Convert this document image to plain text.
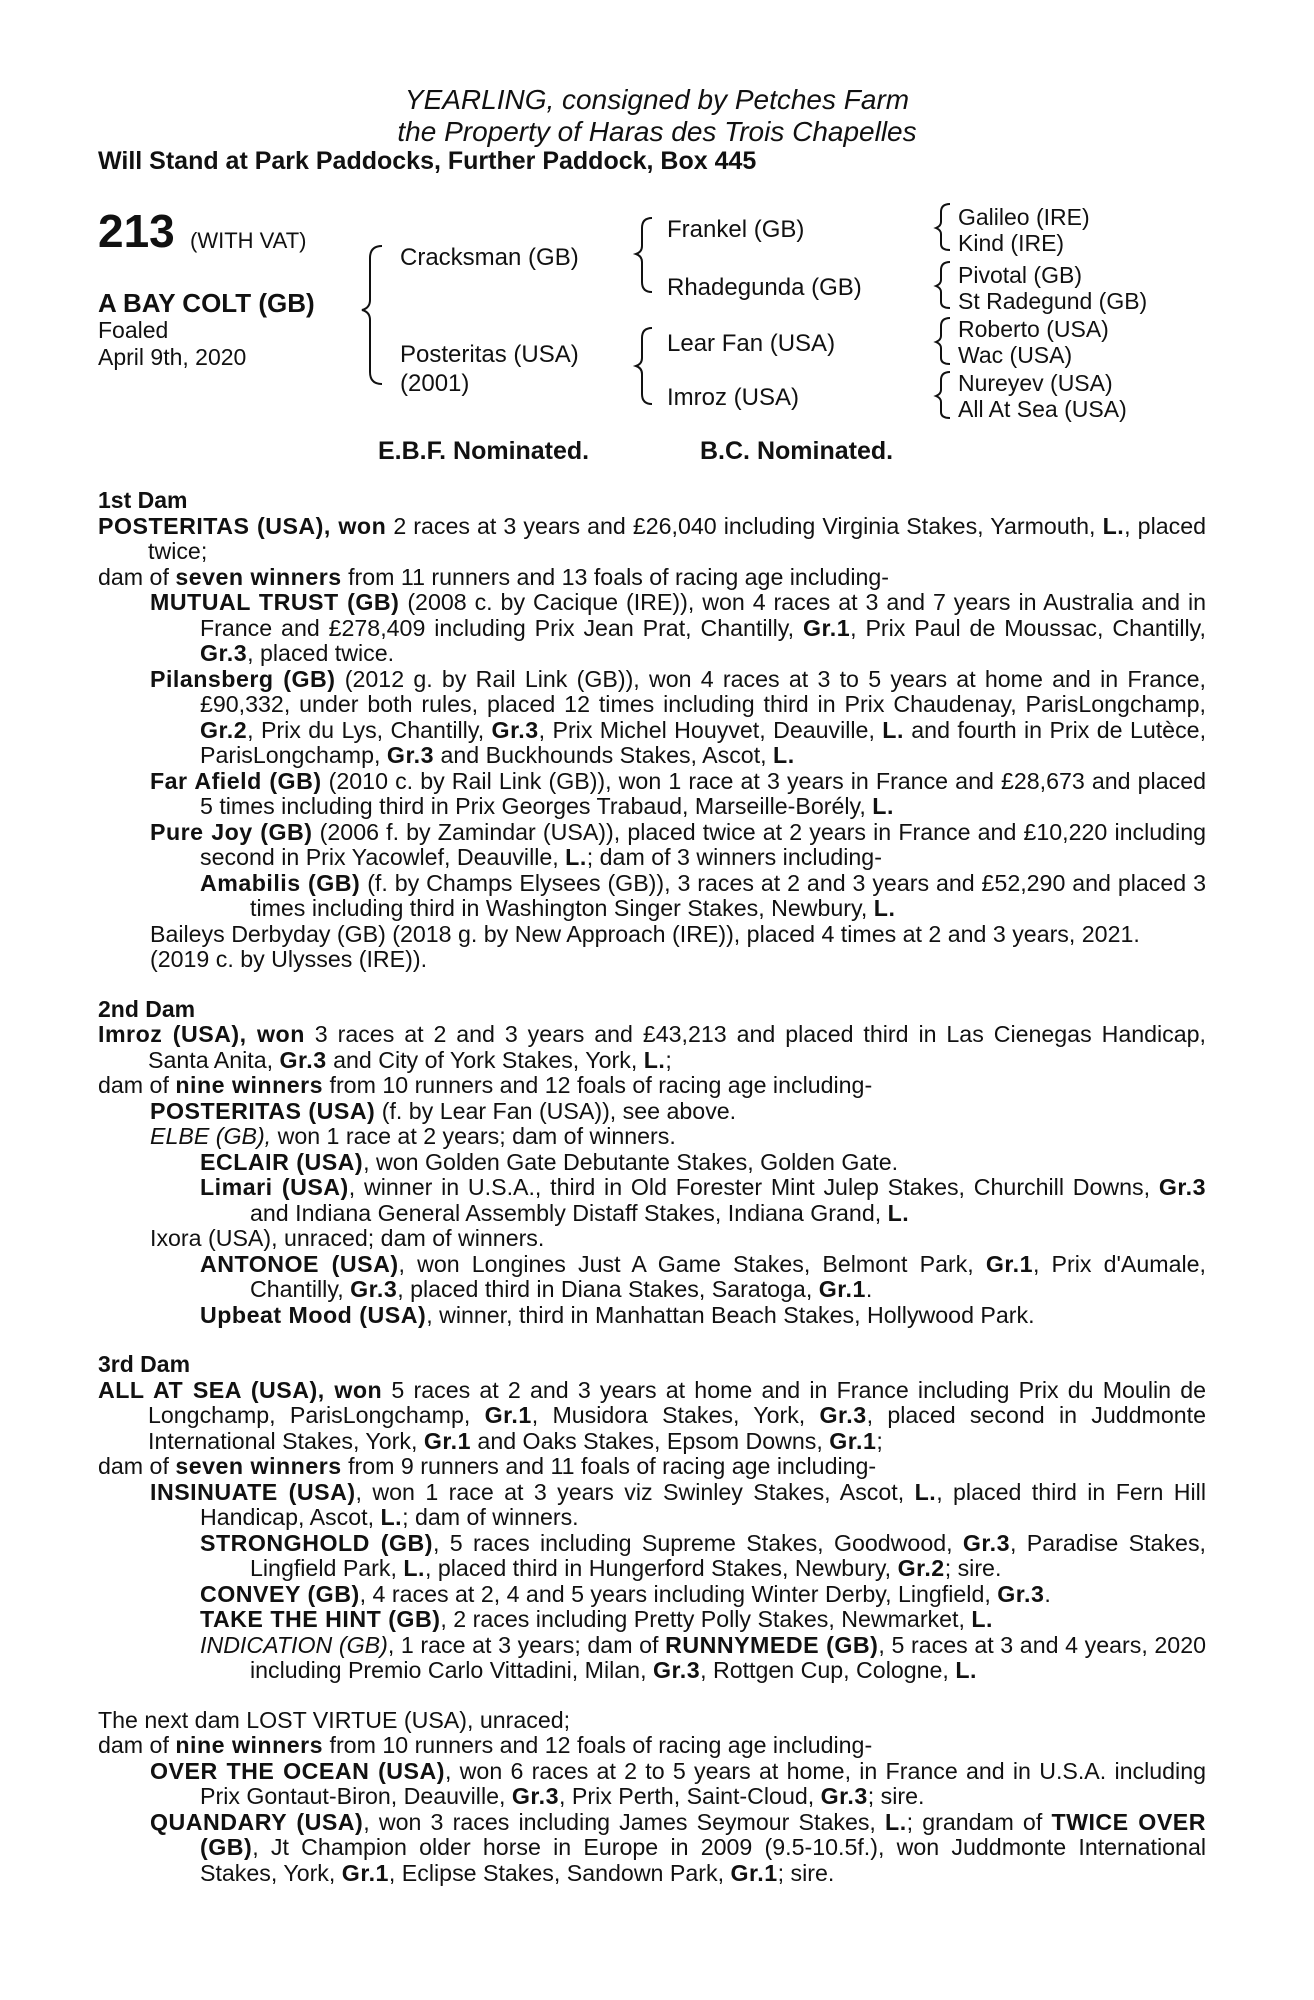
YEARLING, consigned by Petches Farm
the Property of Haras des Trois Chapelles
Will Stand at Park Paddocks, Further Paddock, Box 445
213 (WITH VAT)
A BAY COLT (GB)
Foaled
April 9th, 2020
Cracksman (GB)
Posteritas (USA)
(2001)
Frankel (GB)
Rhadegunda (GB)
Lear Fan (USA)
Imroz (USA)
Galileo (IRE)
Kind (IRE)
Pivotal (GB)
St Radegund (GB)
Roberto (USA)
Wac (USA)
Nureyev (USA)
All At Sea (USA)
E.B.F. Nominated.	B.C. Nominated.
1st Dam

POSTERITAS (USA), won 2 races at 3 years and £26,040 including Virginia Stakes, Yarmouth, L., placed twice;

dam of seven winners from 11 runners and 13 foals of racing age including-

MUTUAL TRUST (GB) (2008 c. by Cacique (IRE)), won 4 races at 3 and 7 years in Australia and in France and £278,409 including Prix Jean Prat, Chantilly, Gr.1, Prix Paul de Moussac, Chantilly, Gr.3, placed twice.

Pilansberg (GB) (2012 g. by Rail Link (GB)), won 4 races at 3 to 5 years at home and in France, £90,332, under both rules, placed 12 times including third in Prix Chaudenay, ParisLongchamp, Gr.2, Prix du Lys, Chantilly, Gr.3, Prix Michel Houyvet, Deauville, L. and fourth in Prix de Lutèce, ParisLongchamp, Gr.3 and Buckhounds Stakes, Ascot, L.

Far Afield (GB) (2010 c. by Rail Link (GB)), won 1 race at 3 years in France and £28,673 and placed 5 times including third in Prix Georges Trabaud, Marseille-Borély, L.

Pure Joy (GB) (2006 f. by Zamindar (USA)), placed twice at 2 years in France and £10,220 including second in Prix Yacowlef, Deauville, L.; dam of 3 winners including-

Amabilis (GB) (f. by Champs Elysees (GB)), 3 races at 2 and 3 years and £52,290 and placed 3 times including third in Washington Singer Stakes, Newbury, L.

Baileys Derbyday (GB) (2018 g. by New Approach (IRE)), placed 4 times at 2 and 3 years, 2021.

(2019 c. by Ulysses (IRE)).

2nd Dam

Imroz (USA), won 3 races at 2 and 3 years and £43,213 and placed third in Las Cienegas Handicap, Santa Anita, Gr.3 and City of York Stakes, York, L.;

dam of nine winners from 10 runners and 12 foals of racing age including-

POSTERITAS (USA) (f. by Lear Fan (USA)), see above.

ELBE (GB), won 1 race at 2 years; dam of winners.

ECLAIR (USA), won Golden Gate Debutante Stakes, Golden Gate.

Limari (USA), winner in U.S.A., third in Old Forester Mint Julep Stakes, Churchill Downs, Gr.3 and Indiana General Assembly Distaff Stakes, Indiana Grand, L.

Ixora (USA), unraced; dam of winners.

ANTONOE (USA), won Longines Just A Game Stakes, Belmont Park, Gr.1, Prix d'Aumale, Chantilly, Gr.3, placed third in Diana Stakes, Saratoga, Gr.1.

Upbeat Mood (USA), winner, third in Manhattan Beach Stakes, Hollywood Park.

3rd Dam

ALL AT SEA (USA), won 5 races at 2 and 3 years at home and in France including Prix du Moulin de Longchamp, ParisLongchamp, Gr.1, Musidora Stakes, York, Gr.3, placed second in Juddmonte International Stakes, York, Gr.1 and Oaks Stakes, Epsom Downs, Gr.1;

dam of seven winners from 9 runners and 11 foals of racing age including-

INSINUATE (USA), won 1 race at 3 years viz Swinley Stakes, Ascot, L., placed third in Fern Hill Handicap, Ascot, L.; dam of winners.

STRONGHOLD (GB), 5 races including Supreme Stakes, Goodwood, Gr.3, Paradise Stakes, Lingfield Park, L., placed third in Hungerford Stakes, Newbury, Gr.2; sire.

CONVEY (GB), 4 races at 2, 4 and 5 years including Winter Derby, Lingfield, Gr.3.

TAKE THE HINT (GB), 2 races including Pretty Polly Stakes, Newmarket, L.

INDICATION (GB), 1 race at 3 years; dam of RUNNYMEDE (GB), 5 races at 3 and 4 years, 2020 including Premio Carlo Vittadini, Milan, Gr.3, Rottgen Cup, Cologne, L.

The next dam LOST VIRTUE (USA), unraced;

dam of nine winners from 10 runners and 12 foals of racing age including-

OVER THE OCEAN (USA), won 6 races at 2 to 5 years at home, in France and in U.S.A. including Prix Gontaut-Biron, Deauville, Gr.3, Prix Perth, Saint-Cloud, Gr.3; sire.

QUANDARY (USA), won 3 races including James Seymour Stakes, L.; grandam of TWICE OVER (GB), Jt Champion older horse in Europe in 2009 (9.5-10.5f.), won Juddmonte International Stakes, York, Gr.1, Eclipse Stakes, Sandown Park, Gr.1; sire.
